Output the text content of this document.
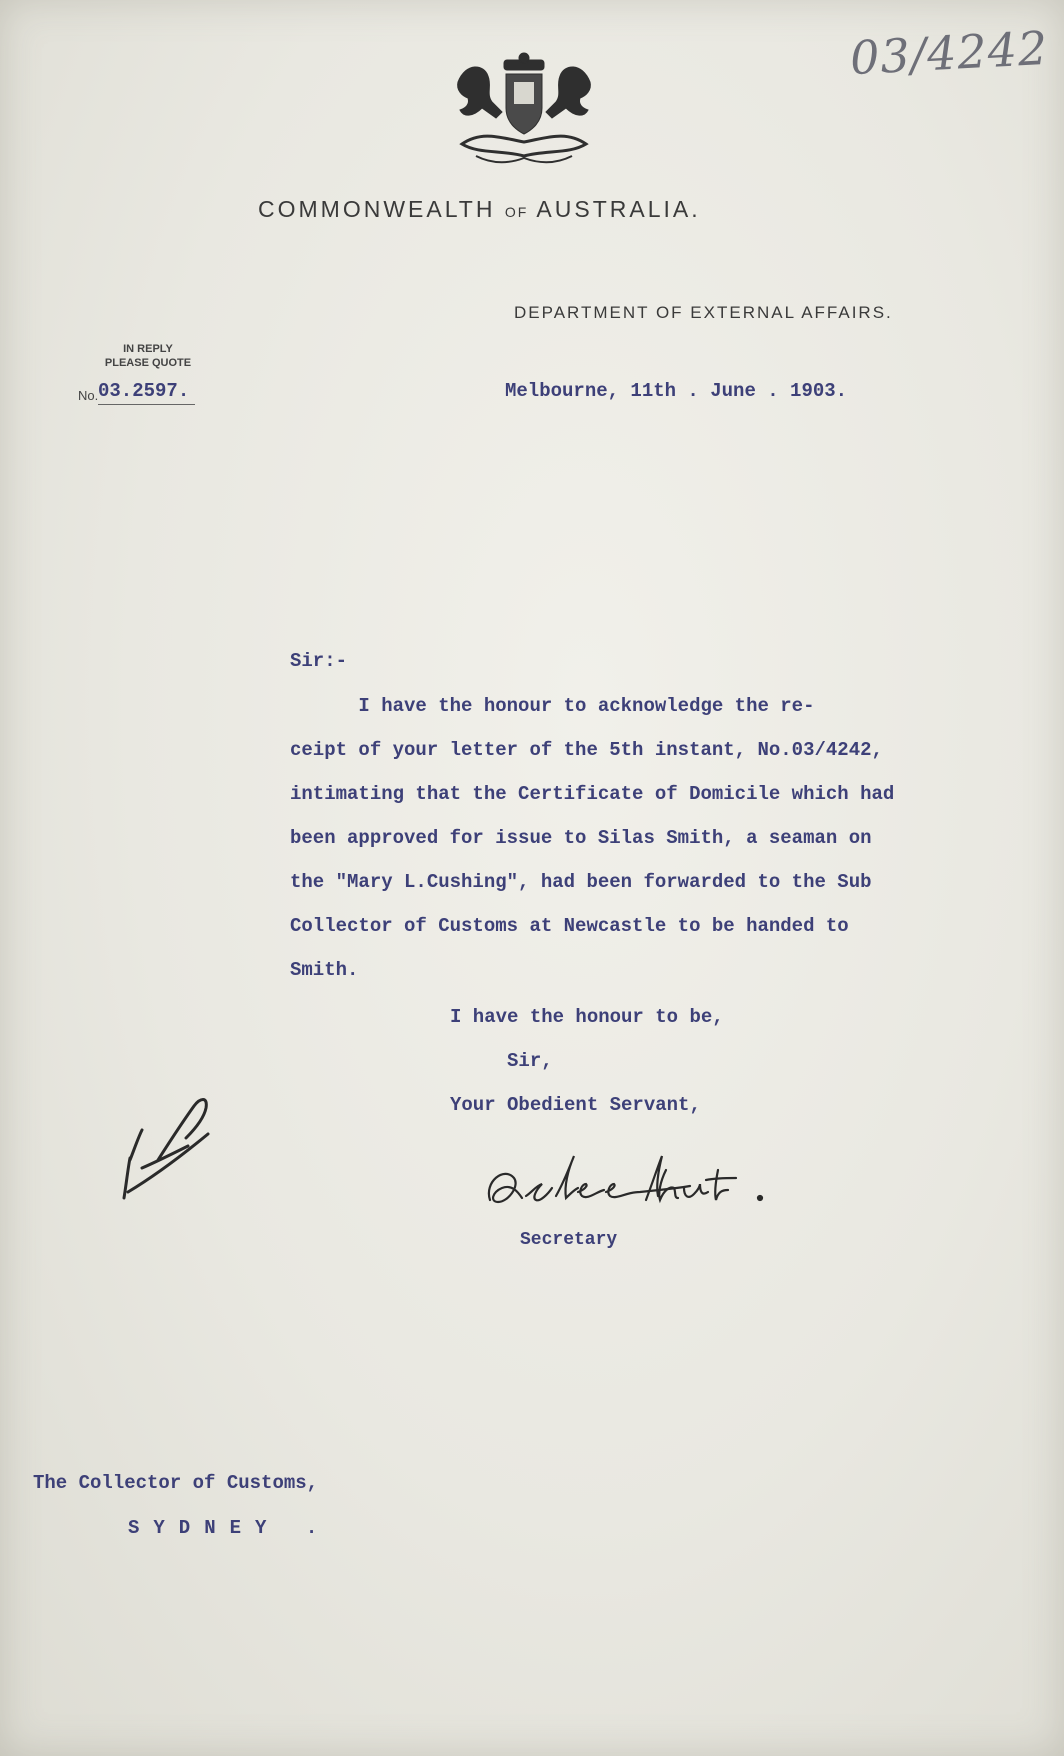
03/4242
COMMONWEALTH OF AUSTRALIA.
DEPARTMENT OF EXTERNAL AFFAIRS.
IN REPLY
PLEASE QUOTE
No. 03.2597.	Melbourne, 11th . June . 1903.
Sir:-
I have the honour to acknowledge the re-
ceipt of your letter of the 5th instant, No.03/4242,
intimating that the Certificate of Domicile which had
been approved for issue to Silas Smith, a seaman on
the "Mary L.Cushing", had been forwarded to the Sub
Collector of Customs at Newcastle to be handed to
Smith.
I have the honour to be,
Sir,
Your Obedient Servant,
Secretary
The Collector of Customs,
SYDNEY .
